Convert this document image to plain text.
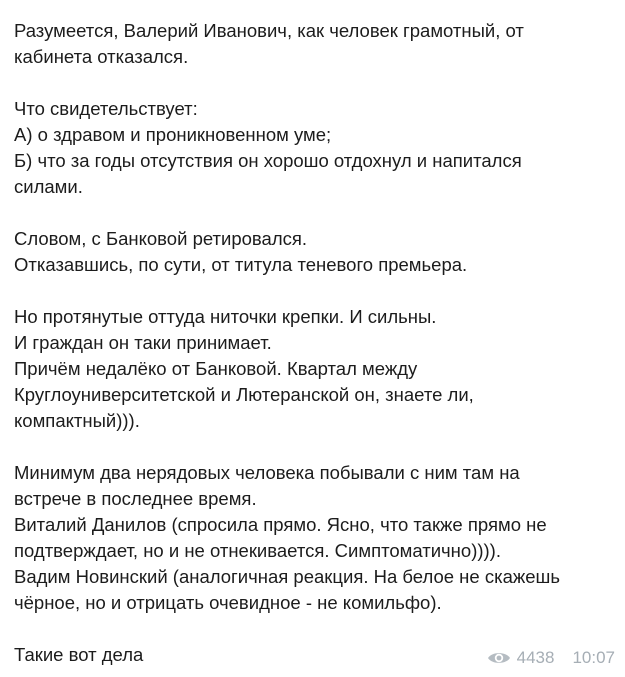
Разумеется, Валерий Иванович, как человек грамотный, от
кабинета отказался.
Что свидетельствует:
А) о здравом и проникновенном уме;
Б) что за годы отсутствия он хорошо отдохнул и напитался
силами.
Словом, с Банковой ретировался.
Отказавшись, по сути, от титула теневого премьера.
Но протянутые оттуда ниточки крепки. И сильны.
И граждан он таки принимает.
Причём недалёко от Банковой. Квартал между
Круглоуниверситетской и Лютеранской он, знаете ли,
компактный))).
Минимум два нерядовых человека побывали с ним там на
встрече в последнее время.
Виталий Данилов (спросила прямо. Ясно, что также прямо не
подтверждает, но и не отнекивается. Симптоматично)))).
Вадим Новинский (аналогичная реакция. На белое не скажешь
чёрное, но и отрицать очевидное - не комильфо).
Такие вот дела	4438 10:07
